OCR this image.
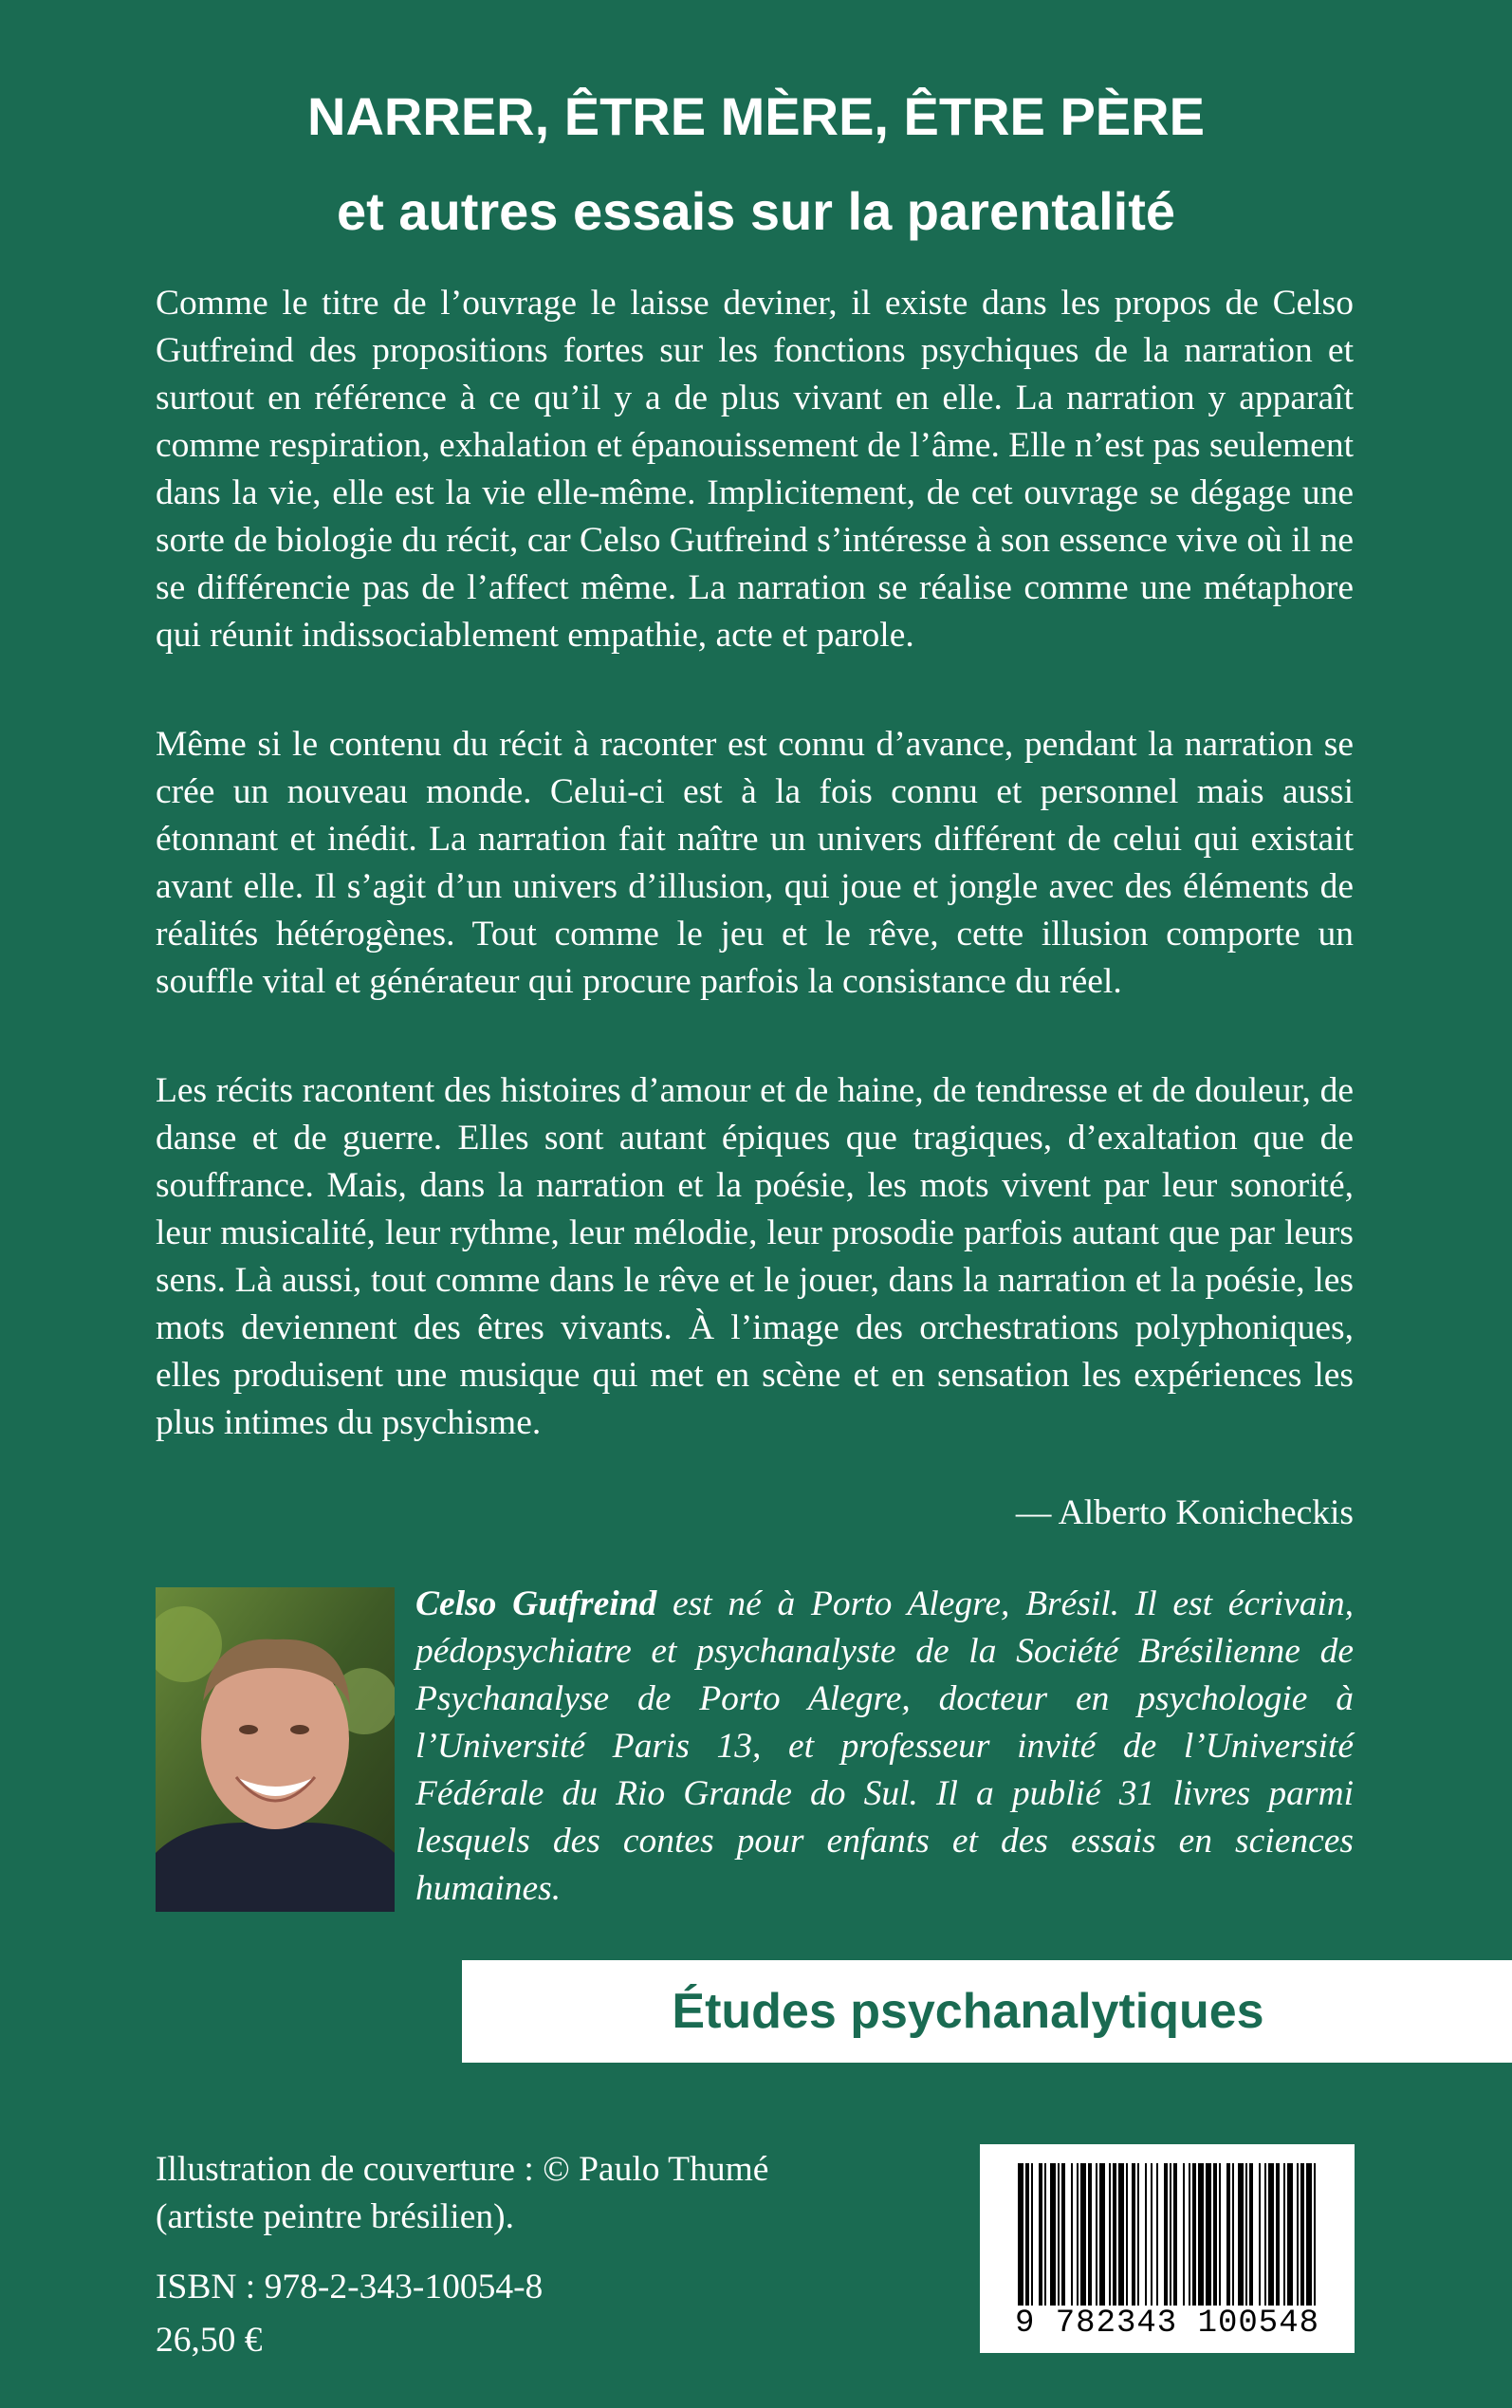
NARRER, ÊTRE MÈRE, ÊTRE PÈRE
et autres essais sur la parentalité

Comme le titre de l’ouvrage le laisse deviner, il existe dans les propos de Celso Gutfreind des propositions fortes sur les fonctions psychiques de la narration et surtout en référence à ce qu’il y a de plus vivant en elle. La narration y apparaît comme respiration, exhalation et épanouissement de l’âme. Elle n’est pas seulement dans la vie, elle est la vie elle-même. Implicitement, de cet ouvrage se dégage une sorte de biologie du récit, car Celso Gutfreind s’intéresse à son essence vive où il ne se différencie pas de l’affect même. La narration se réalise comme une métaphore qui réunit indissociablement empathie, acte et parole.

Même si le contenu du récit à raconter est connu d’avance, pendant la narration se crée un nouveau monde. Celui-ci est à la fois connu et personnel mais aussi étonnant et inédit. La narration fait naître un univers différent de celui qui existait avant elle. Il s’agit d’un univers d’illusion, qui joue et jongle avec des éléments de réalités hétérogènes. Tout comme le jeu et le rêve, cette illusion comporte un souffle vital et générateur qui procure parfois la consistance du réel.

Les récits racontent des histoires d’amour et de haine, de tendresse et de douleur, de danse et de guerre. Elles sont autant épiques que tragiques, d’exaltation que de souffrance. Mais, dans la narration et la poésie, les mots vivent par leur sonorité, leur musicalité, leur rythme, leur mélodie, leur prosodie parfois autant que par leurs sens. Là aussi, tout comme dans le rêve et le jouer, dans la narration et la poésie, les mots deviennent des êtres vivants. À l’image des orchestrations polyphoniques, elles produisent une musique qui met en scène et en sensation les expériences les plus intimes du psychisme.

— Alberto Konicheckis

Celso Gutfreind est né à Porto Alegre, Brésil. Il est écrivain, pédopsychiatre et psychanalyste de la Société Brésilienne de Psychanalyse de Porto Alegre, docteur en psychologie à l’Université Paris 13, et professeur invité de l’Université Fédérale du Rio Grande do Sul. Il a publié 31 livres parmi lesquels des contes pour enfants et des essais en sciences humaines.

Études psychanalytiques
Illustration de couverture : © Paulo Thumé
(artiste peintre brésilien).
ISBN : 978-2-343-10054-8
26,50 €	9 782343 100548
